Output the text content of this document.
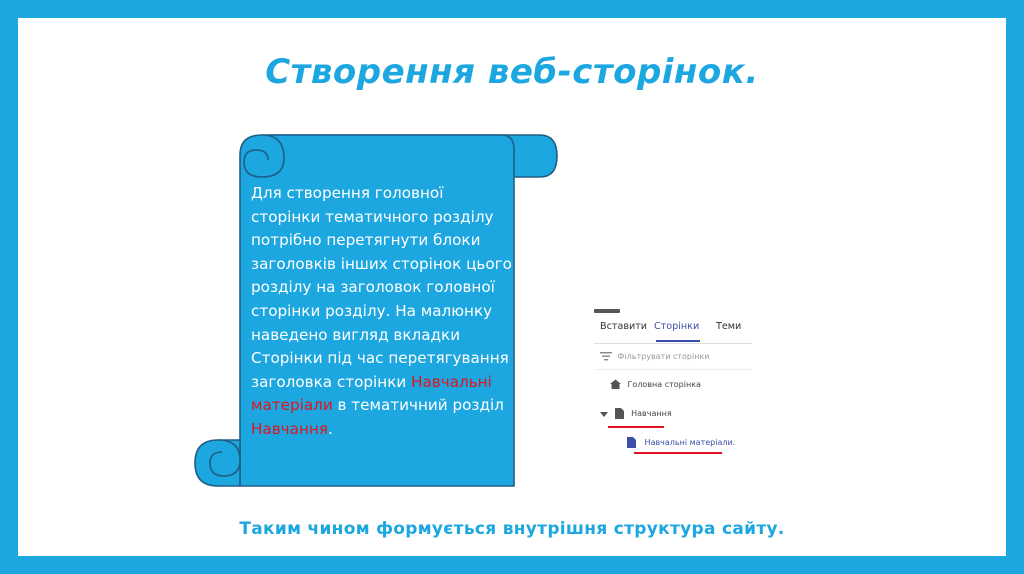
Створення веб-сторінок.
Для створення головної сторінки тематичного розділу потрібно перетягнути блоки заголовків інших сторінок цього розділу на заголовок головної сторінки розділу. На малюнку наведено вигляд вкладки Сторінки під час перетягування заголовка сторінки Навчальні матеріали в тематичний розділ Навчання.
Вставити Сторінки Теми
Фільтрувати сторінки
Головна сторінка
Навчання
Навчальні матеріали.
Таким чином формується внутрішня структура сайту.
